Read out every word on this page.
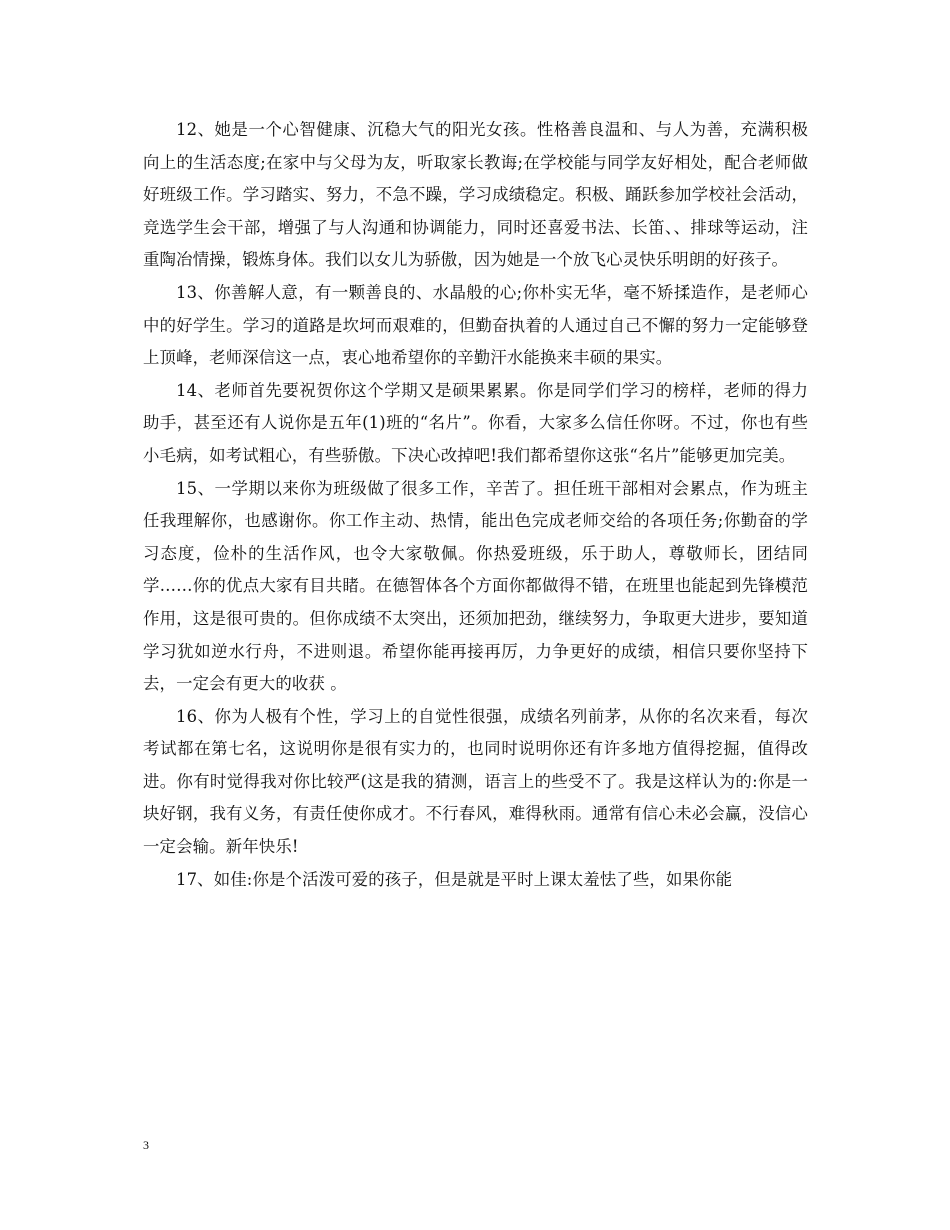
12、她是一个心智健康、沉稳大气的阳光女孩。性格善良温和、与人为善，充满积极向上的生活态度;在家中与父母为友，听取家长教诲;在学校能与同学友好相处，配合老师做好班级工作。学习踏实、努力，不急不躁，学习成绩稳定。积极、踊跃参加学校社会活动，竞选学生会干部，增强了与人沟通和协调能力，同时还喜爱书法、长笛、、排球等运动，注重陶冶情操，锻炼身体。我们以女儿为骄傲，因为她是一个放飞心灵快乐明朗的好孩子。

13、你善解人意，有一颗善良的、水晶般的心;你朴实无华，毫不矫揉造作，是老师心中的好学生。学习的道路是坎坷而艰难的，但勤奋执着的人通过自己不懈的努力一定能够登上顶峰，老师深信这一点，衷心地希望你的辛勤汗水能换来丰硕的果实。

14、老师首先要祝贺你这个学期又是硕果累累。你是同学们学习的榜样，老师的得力助手，甚至还有人说你是五年(1)班的“名片”。你看，大家多么信任你呀。不过，你也有些小毛病，如考试粗心，有些骄傲。下决心改掉吧!我们都希望你这张“名片”能够更加完美。

15、一学期以来你为班级做了很多工作，辛苦了。担任班干部相对会累点，作为班主任我理解你，也感谢你。你工作主动、热情，能出色完成老师交给的各项任务;你勤奋的学习态度，俭朴的生活作风，也令大家敬佩。你热爱班级，乐于助人，尊敬师长，团结同学……你的优点大家有目共睹。在德智体各个方面你都做得不错，在班里也能起到先锋模范作用，这是很可贵的。但你成绩不太突出，还须加把劲，继续努力，争取更大进步，要知道学习犹如逆水行舟，不进则退。希望你能再接再厉，力争更好的成绩，相信只要你坚持下去，一定会有更大的收获 。

16、你为人极有个性，学习上的自觉性很强，成绩名列前茅，从你的名次来看，每次考试都在第七名，这说明你是很有实力的，也同时说明你还有许多地方值得挖掘，值得改进。你有时觉得我对你比较严(这是我的猜测，语言上的些受不了。我是这样认为的:你是一块好钢，我有义务，有责任使你成才。不行春风，难得秋雨。通常有信心未必会赢，没信心一定会输。新年快乐!

17、如佳:你是个活泼可爱的孩子，但是就是平时上课太羞怯了些，如果你能

3
